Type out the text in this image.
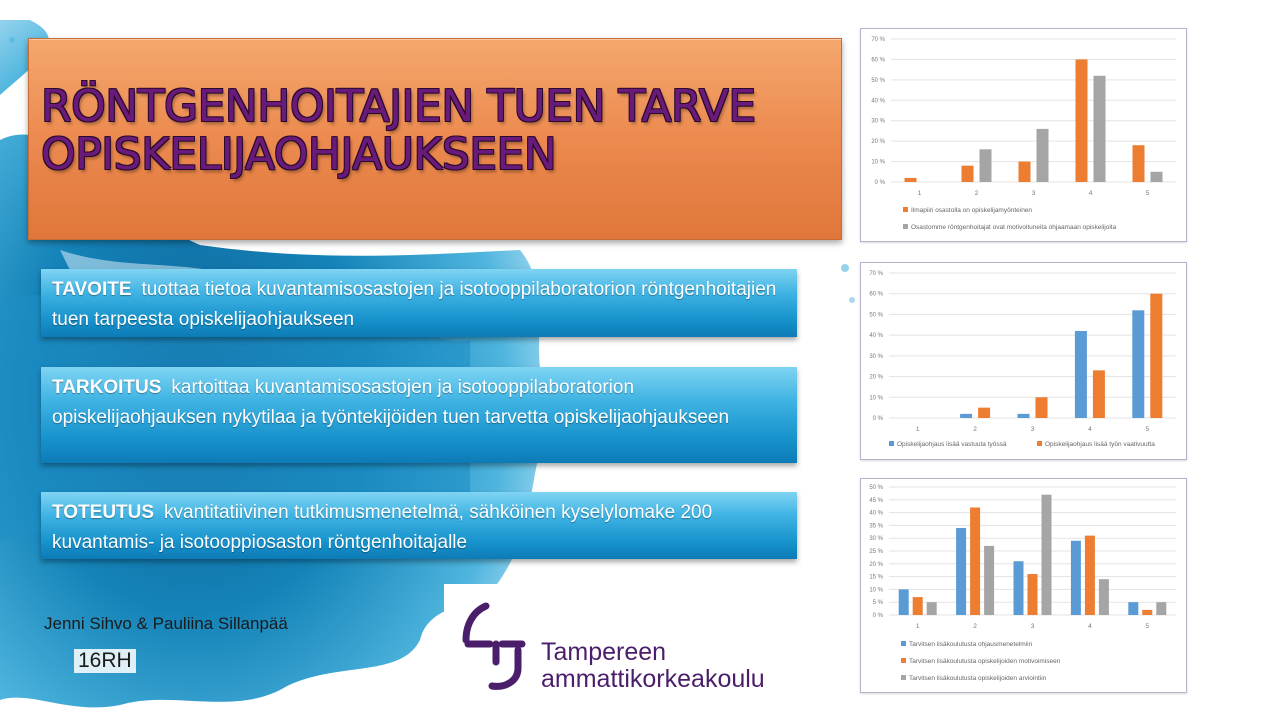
RÖNTGENHOITAJIEN TUEN TARVE
OPISKELIJAOHJAUKSEEN
TAVOITE tuottaa tietoa kuvantamisosastojen ja isotooppilaboratorion röntgenhoitajien tuen tarpeesta opiskelijaohjaukseen
TARKOITUS kartoittaa kuvantamisosastojen ja isotooppilaboratorion opiskelijaohjauksen nykytilaa ja työntekijöiden tuen tarvetta opiskelijaohjaukseen
TOTEUTUS kvantitatiivinen tutkimusmenetelmä, sähköinen kyselylomake 200 kuvantamis- ja isotooppiosaston röntgenhoitajalle
Jenni Sihvo & Pauliina Sillanpää
16RH	Tampereen
ammattikorkeakoulu
0 %
10 %
20 %
30 %
40 %
50 %
60 %
70 %
1	2	3	4	5
Ilmapiiri osastolla on opiskelijamyönteinen
Osastomme röntgenhoitajat ovat motivoituneita ohjaamaan opiskelijoita
0 %
10 %
20 %
30 %
40 %
50 %
60 %
70 %
1	2	3	4	5
Opiskelijaohjaus lisää vastuuta työssä	Opiskelijaohjaus lisää työn vaativuutta
0 %
5 %
10 %
15 %
20 %
25 %
30 %
35 %
40 %
45 %
50 %
1	2	3	4	5
Tarvitsen lisäkoulutusta ohjausmenetelmiin
Tarvitsen lisäkoulutusta opiskelijoiden motivoimiseen
Tarvitsen lisäkoulutusta opiskelijoiden arviointiin
